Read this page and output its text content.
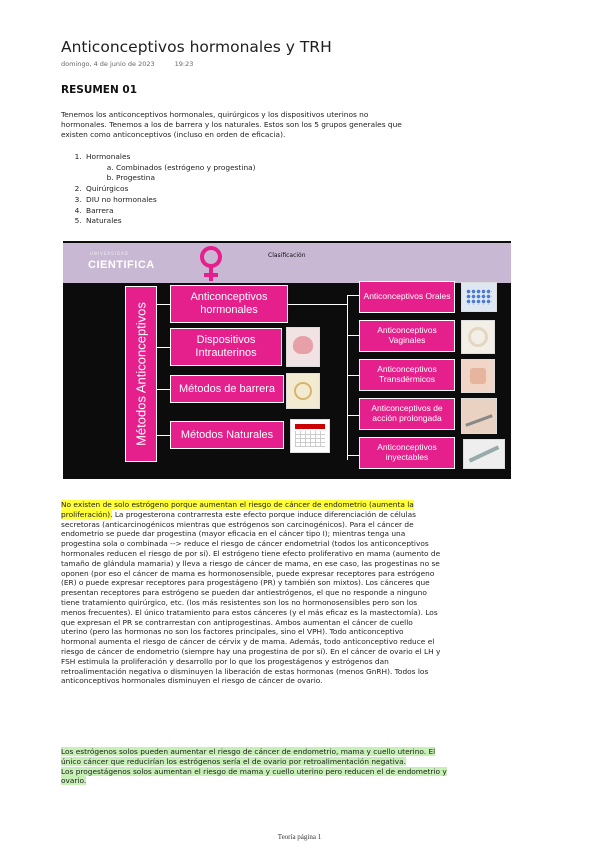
Anticonceptivos hormonales y TRH
domingo, 4 de junio de 2023	19:23
RESUMEN 01
Tenemos los anticonceptivos hormonales, quirúrgicos y los dispositivos uterinos no hormonales. Tenemos a los de barrera y los naturales. Estos son los 5 grupos generales que existen como anticonceptivos (incluso en orden de eficacia).
1. Hormonales
a. Combinados (estrógeno y progestina)
b. Progestina
2. Quirúrgicos
3. DIU no hormonales
4. Barrera
5. Naturales
UNIVERSIDAD
CIENTIFICA
Clasificación
Métodos Anticonceptivos
Anticonceptivos hormonales
Dispositivos Intrauterinos
Métodos de barrera
Métodos Naturales
Anticonceptivos Orales
Anticonceptivos Vaginales
Anticonceptivos Transdérmicos
Anticonceptivos de acción prolongada
Anticonceptivos inyectables
No existen de solo estrógeno porque aumentan el riesgo de cáncer de endometrio (aumenta la proliferación). La progesterona contrarresta este efecto porque induce diferenciación de células secretoras (anticarcinogénicos mientras que estrógenos son carcinogénicos). Para el cáncer de endometrio se puede dar progestina (mayor eficacia en el cáncer tipo I); mientras tenga una progestina sola o combinada --> reduce el riesgo de cáncer endometrial (todos los anticonceptivos hormonales reducen el riesgo de por sí). El estrógeno tiene efecto proliferativo en mama (aumento de tamaño de glándula mamaria) y lleva a riesgo de cáncer de mama, en ese caso, las progestinas no se oponen (por eso el cáncer de mama es hormonosensible, puede expresar receptores para estrógeno (ER) o puede expresar receptores para progestágeno (PR) y también son mixtos). Los cánceres que presentan receptores para estrógeno se pueden dar antiestrógenos, el que no responde a ninguno tiene tratamiento quirúrgico, etc. (los más resistentes son los no hormonosensibles pero son los menos frecuentes). El único tratamiento para estos cánceres (y el más eficaz es la mastectomía). Los que expresan el PR se contrarrestan con antiprogestinas. Ambos aumentan el cáncer de cuello uterino (pero las hormonas no son los factores principales, sino el VPH). Todo anticonceptivo hormonal aumenta el riesgo de cáncer de cérvix y de mama. Además, todo anticonceptivo reduce el riesgo de cáncer de endometrio (siempre hay una progestina de por sí). En el cáncer de ovario el LH y FSH estimula la proliferación y desarrollo por lo que los progestágenos y estrógenos dan retroalimentación negativa o disminuyen la liberación de estas hormonas (menos GnRH). Todos los anticonceptivos hormonales disminuyen el riesgo de cáncer de ovario.
Los estrógenos solos pueden aumentar el riesgo de cáncer de endometrio, mama y cuello uterino. El único cáncer que reducirían los estrógenos sería el de ovario por retroalimentación negativa.
Los progestágenos solos aumentan el riesgo de mama y cuello uterino pero reducen el de endometrio y ovario.
Teoría página 1
